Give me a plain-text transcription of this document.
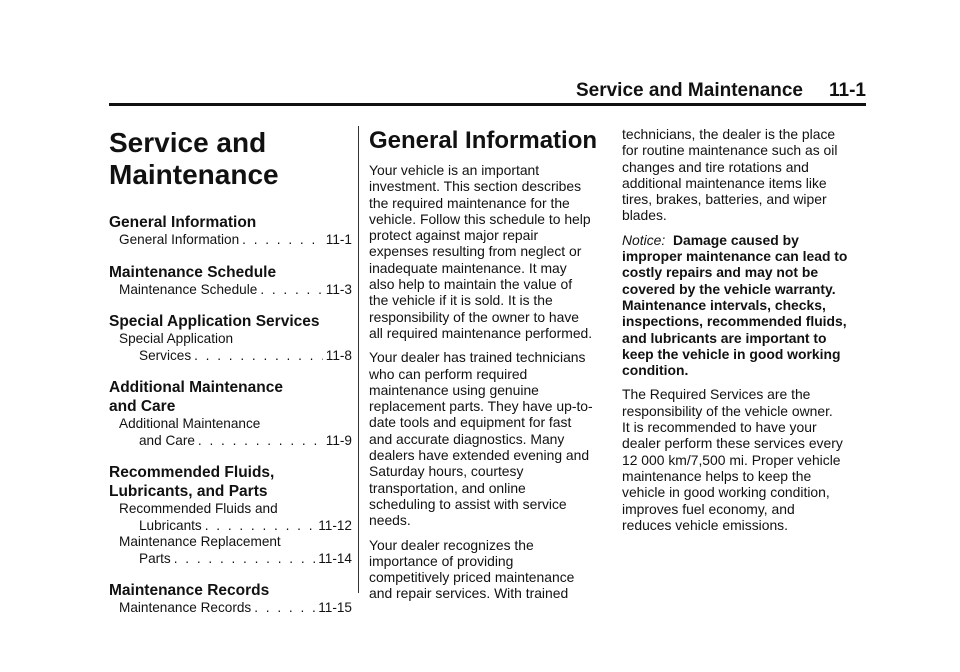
Service and Maintenance 11-1
Service and
Maintenance
General Information
General Information . . .	11-1
Maintenance Schedule
Maintenance Schedule . . .	11-3
Special Application Services
Special Application
Services . . .	11-8
Additional Maintenance
and Care
Additional Maintenance
and Care . . .	11-9
Recommended Fluids,
Lubricants, and Parts
Recommended Fluids and
Lubricants . . .	11-12
Maintenance Replacement
Parts . . .	11-14
Maintenance Records
Maintenance Records . . .	11-15
General Information

Your vehicle is an important
investment. This section describes
the required maintenance for the
vehicle. Follow this schedule to help
protect against major repair
expenses resulting from neglect or
inadequate maintenance. It may
also help to maintain the value of
the vehicle if it is sold. It is the
responsibility of the owner to have
all required maintenance performed.

Your dealer has trained technicians
who can perform required
maintenance using genuine
replacement parts. They have up-to-
date tools and equipment for fast
and accurate diagnostics. Many
dealers have extended evening and
Saturday hours, courtesy
transportation, and online
scheduling to assist with service
needs.

Your dealer recognizes the
importance of providing
competitively priced maintenance
and repair services. With trained

technicians, the dealer is the place
for routine maintenance such as oil
changes and tire rotations and
additional maintenance items like
tires, brakes, batteries, and wiper
blades.

Notice: Damage caused by
improper maintenance can lead to
costly repairs and may not be
covered by the vehicle warranty.
Maintenance intervals, checks,
inspections, recommended fluids,
and lubricants are important to
keep the vehicle in good working
condition.

The Required Services are the
responsibility of the vehicle owner.
It is recommended to have your
dealer perform these services every
12 000 km/7,500 mi. Proper vehicle
maintenance helps to keep the
vehicle in good working condition,
improves fuel economy, and
reduces vehicle emissions.
